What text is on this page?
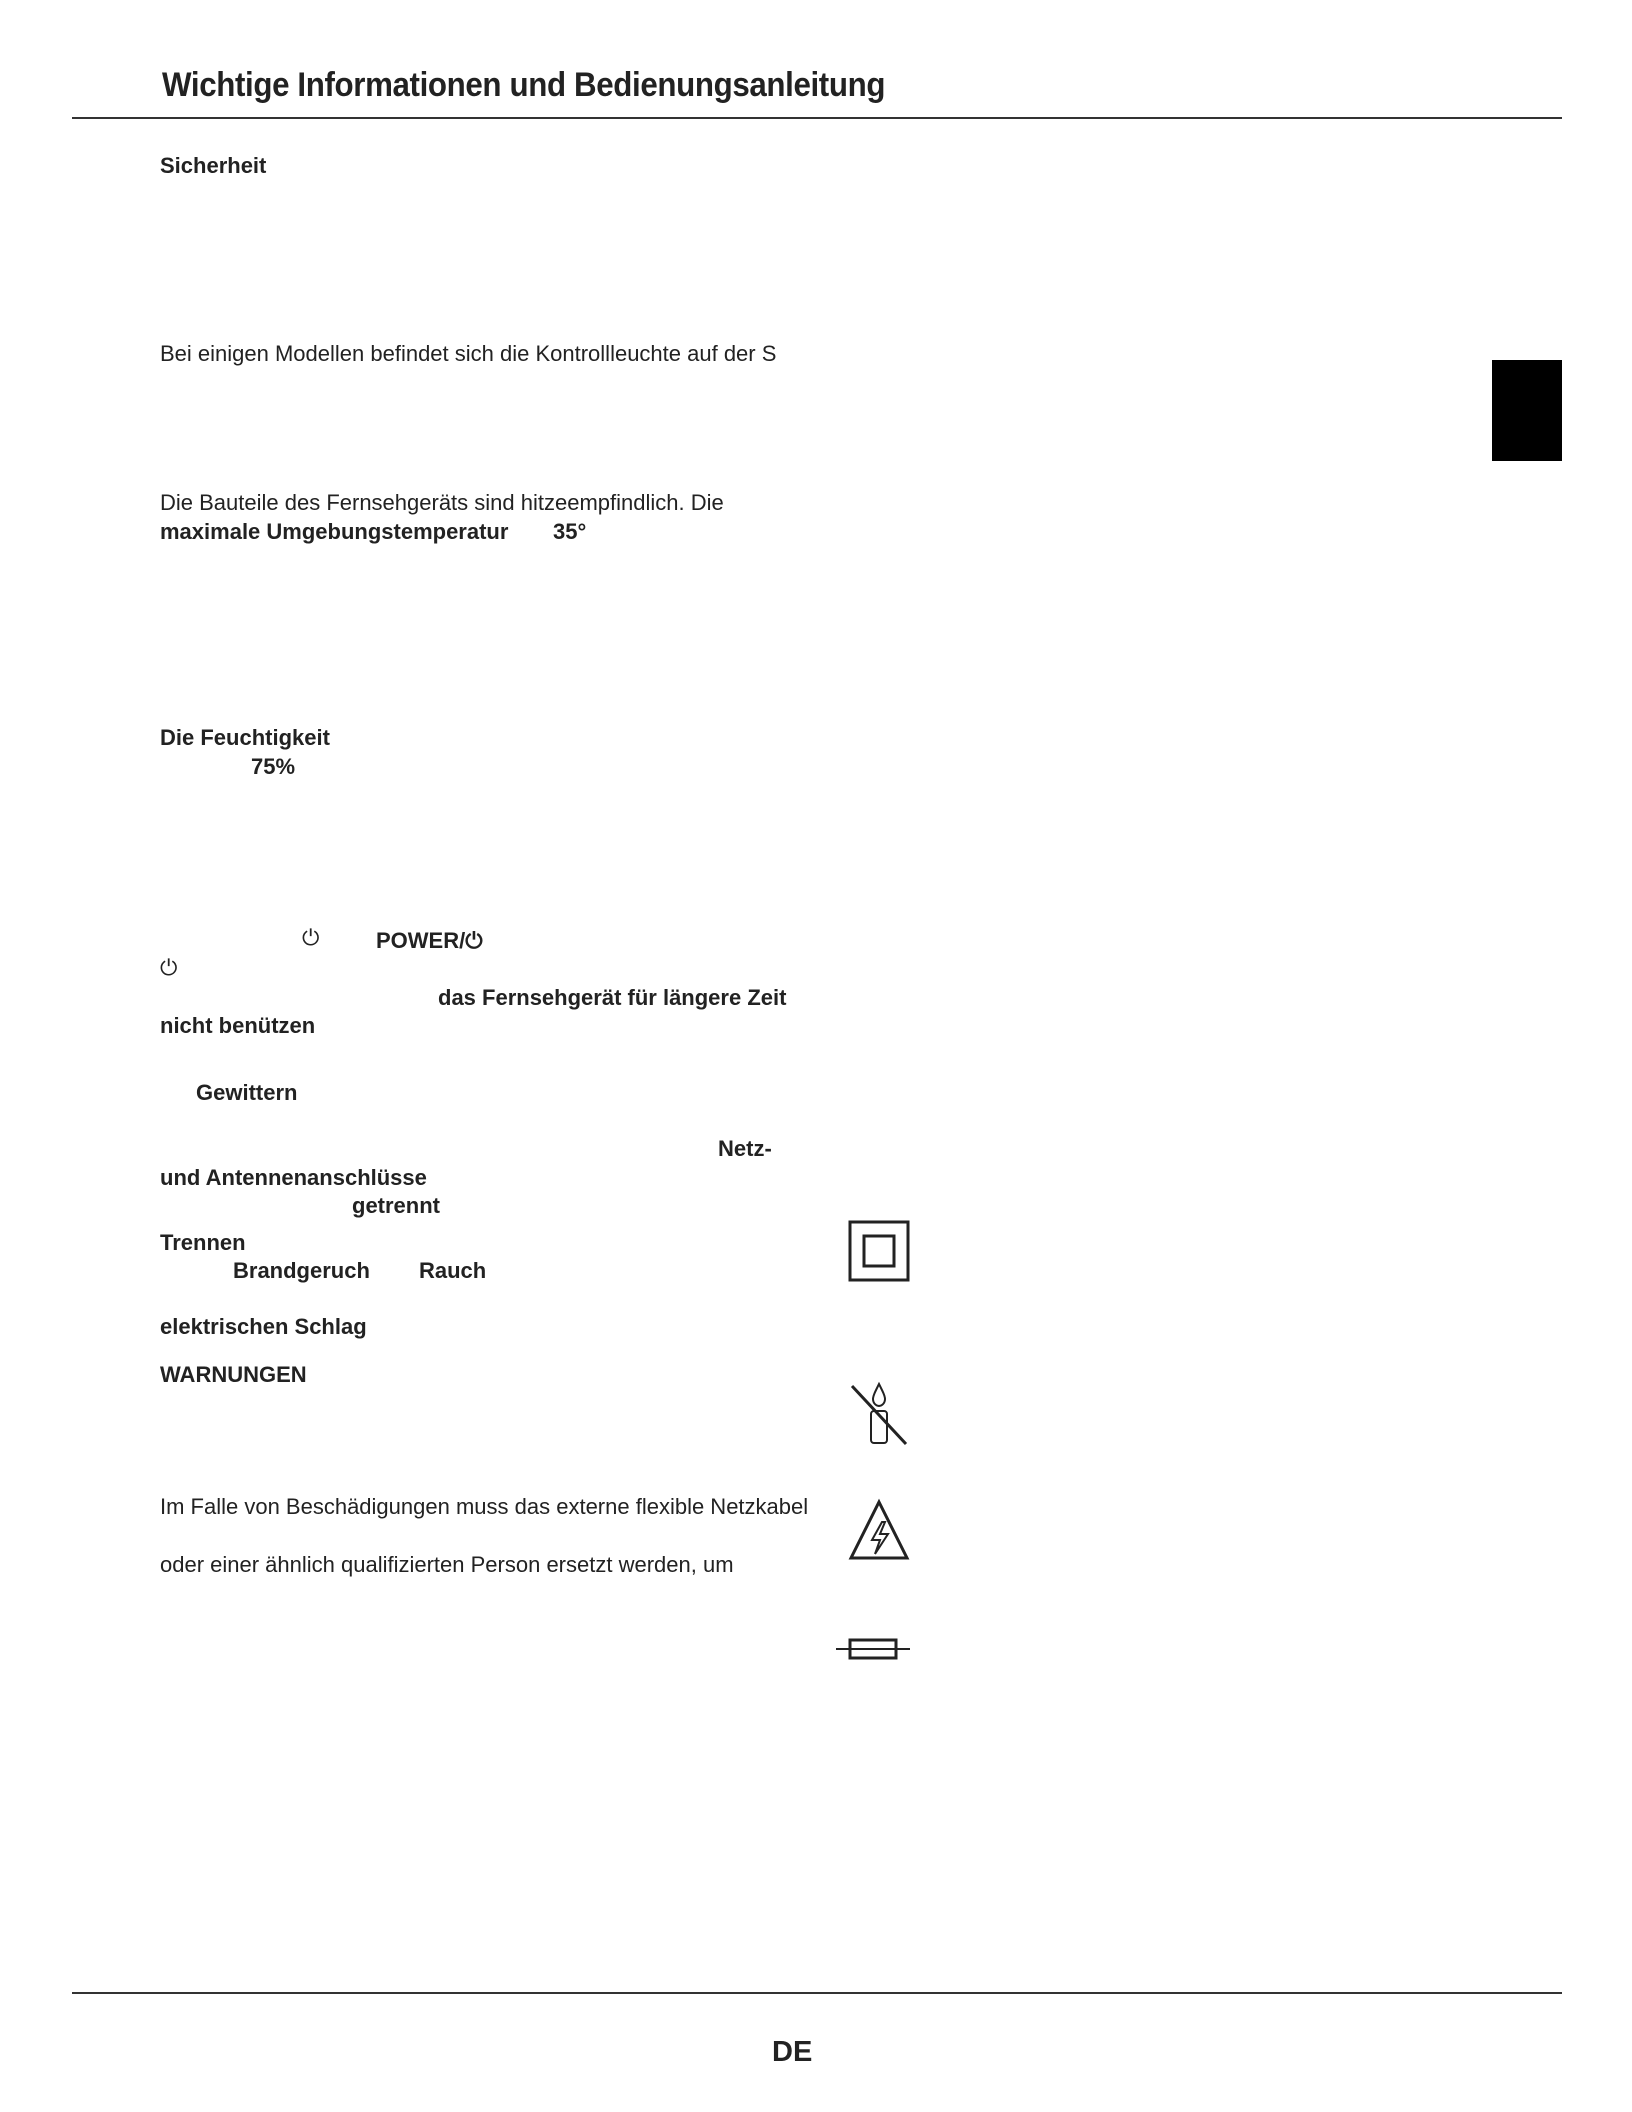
Wichtige Informationen und Bedienungsanleitung
Sicherheit
Bei einigen Modellen befindet sich die Kontrollleuchte auf der S
Die Bauteile des Fernsehgeräts sind hitzeempfindlich. Die
maximale Umgebungstemperatur 35°
Die Feuchtigkeit
75%
⏻	POWER/⏻
⏻
das Fernsehgerät für längere Zeit
nicht benützen
Gewittern
Netz-
und Antennenanschlüsse
getrennt
Trennen
Brandgeruch Rauch
elektrischen Schlag
WARNUNGEN
Im Falle von Beschädigungen muss das externe flexible Netzkabel
oder einer ähnlich qualifizierten Person ersetzt werden, um
DE
